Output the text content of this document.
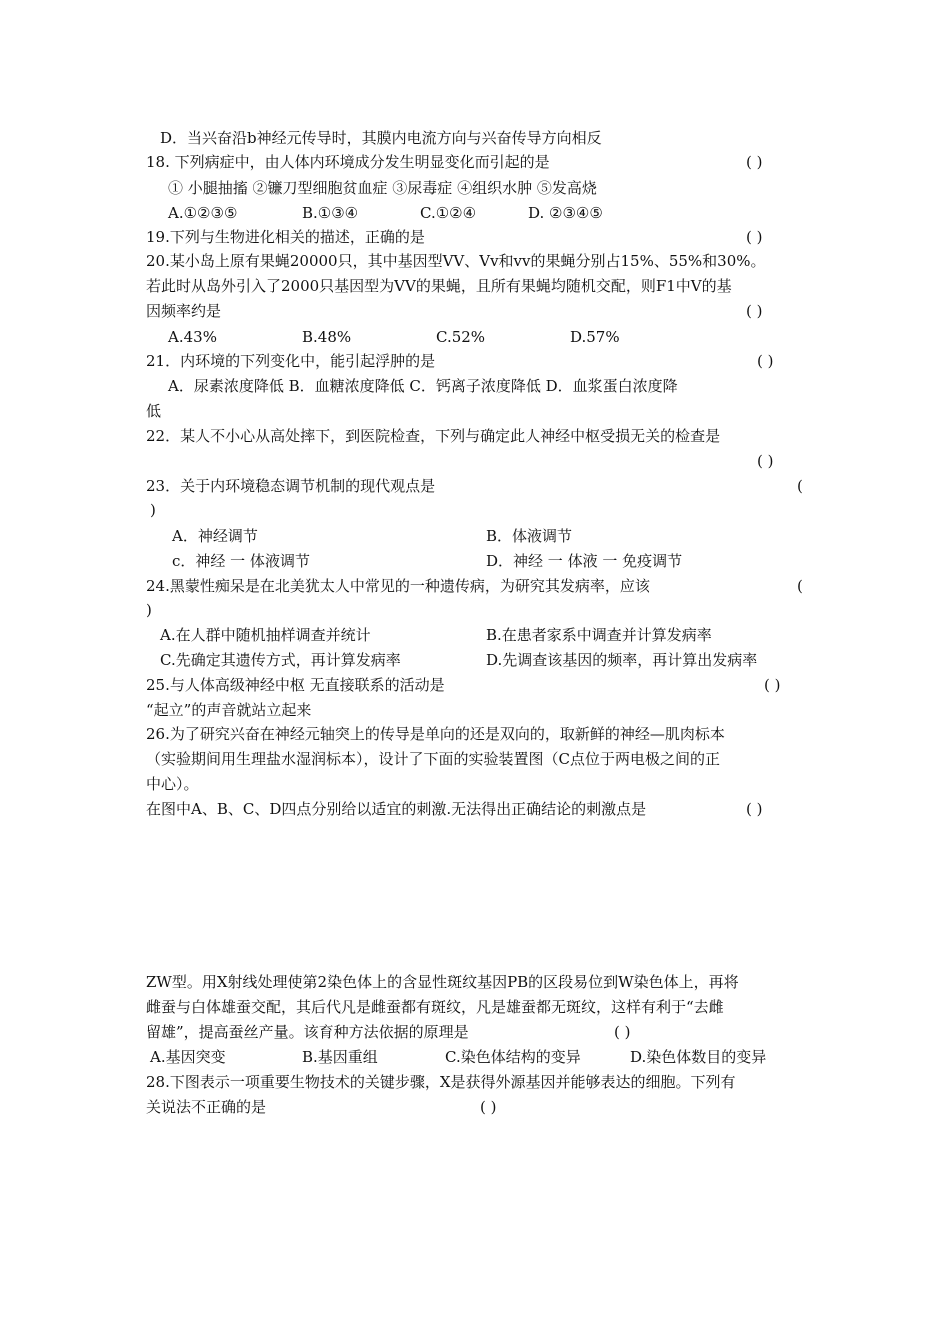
D．当兴奋沿b神经元传导时，其膜内电流方向与兴奋传导方向相反
18. 下列病症中，由人体内环境成分发生明显变化而引起的是	( )
① 小腿抽搐 ②镰刀型细胞贫血症 ③尿毒症 ④组织水肿 ⑤发高烧
A.①②③⑤	B.①③④	C.①②④	D. ②③④⑤
19.下列与生物进化相关的描述，正确的是	( )
20.某小岛上原有果蝇20000只，其中基因型VV、Vv和vv的果蝇分别占15%、55%和30%。
若此时从岛外引入了2000只基因型为VV的果蝇，且所有果蝇均随机交配，则F1中V的基
因频率约是	( )
A.43%	B.48%	C.52%	D.57%
21．内环境的下列变化中，能引起浮肿的是	( )
A．尿素浓度降低 B．血糖浓度降低 C．钙离子浓度降低 D．血浆蛋白浓度降
低
22．某人不小心从高处摔下，到医院检查，下列与确定此人神经中枢受损无关的检查是
( )
23．关于内环境稳态调节机制的现代观点是	(
)
A．神经调节	B．体液调节
c．神经 一 体液调节	D．神经 一 体液 一 免疫调节
24.黑蒙性痴呆是在北美犹太人中常见的一种遗传病，为研究其发病率，应该	(
)
A.在人群中随机抽样调查并统计	B.在患者家系中调查并计算发病率
C.先确定其遗传方式，再计算发病率	D.先调查该基因的频率，再计算出发病率
25.与人体高级神经中枢 无直接联系的活动是	( )
“起立”的声音就站立起来
26.为了研究兴奋在神经元轴突上的传导是单向的还是双向的，取新鲜的神经—肌肉标本
（实验期间用生理盐水湿润标本），设计了下面的实验装置图（C点位于两电极之间的正
中心）。
在图中A、B、C、D四点分别给以适宜的刺激.无法得出正确结论的刺激点是	( )
ZW型。用X射线处理使第2染色体上的含显性斑纹基因PB的区段易位到W染色体上，再将
雌蚕与白体雄蚕交配，其后代凡是雌蚕都有斑纹，凡是雄蚕都无斑纹，这样有利于“去雌
留雄”，提高蚕丝产量。该育种方法依据的原理是	( )
A.基因突变	B.基因重组	C.染色体结构的变异	D.染色体数目的变异
28.下图表示一项重要生物技术的关键步骤，X是获得外源基因并能够表达的细胞。下列有
关说法不正确的是	( )
